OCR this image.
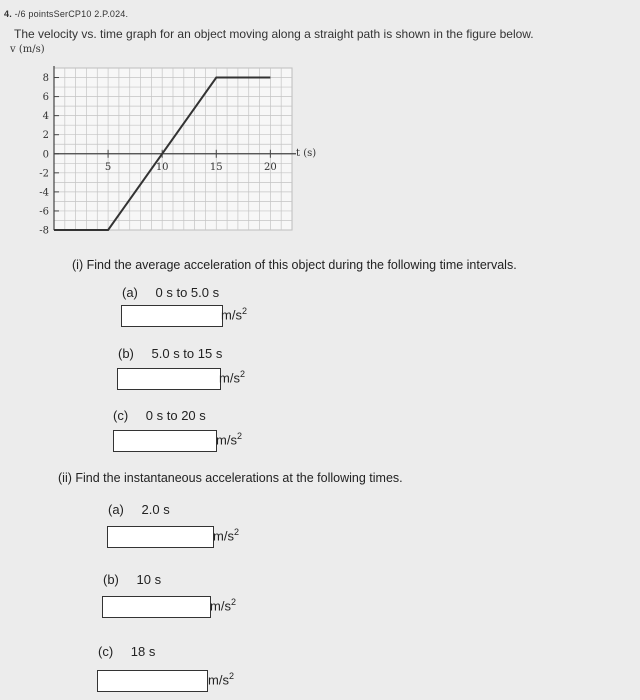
4. -/6 pointsSerCP10 2.P.024.
The velocity vs. time graph for an object moving along a straight path is shown in the figure below.
v (m/s)
t (s)
5	10	15	20
8
6
4
2
0
-2
-4
-6
-8
(i) Find the average acceleration of this object during the following time intervals.
(a) 0 s to 5.0 s
$m/s^2$
(b) 5.0 s to 15 s
$m/s^2$
(c) 0 s to 20 s
$m/s^2$
(ii) Find the instantaneous accelerations at the following times.
(a) 2.0 s
$m/s^2$
(b) 10 s
$m/s^2$
(c) 18 s
$m/s^2$
